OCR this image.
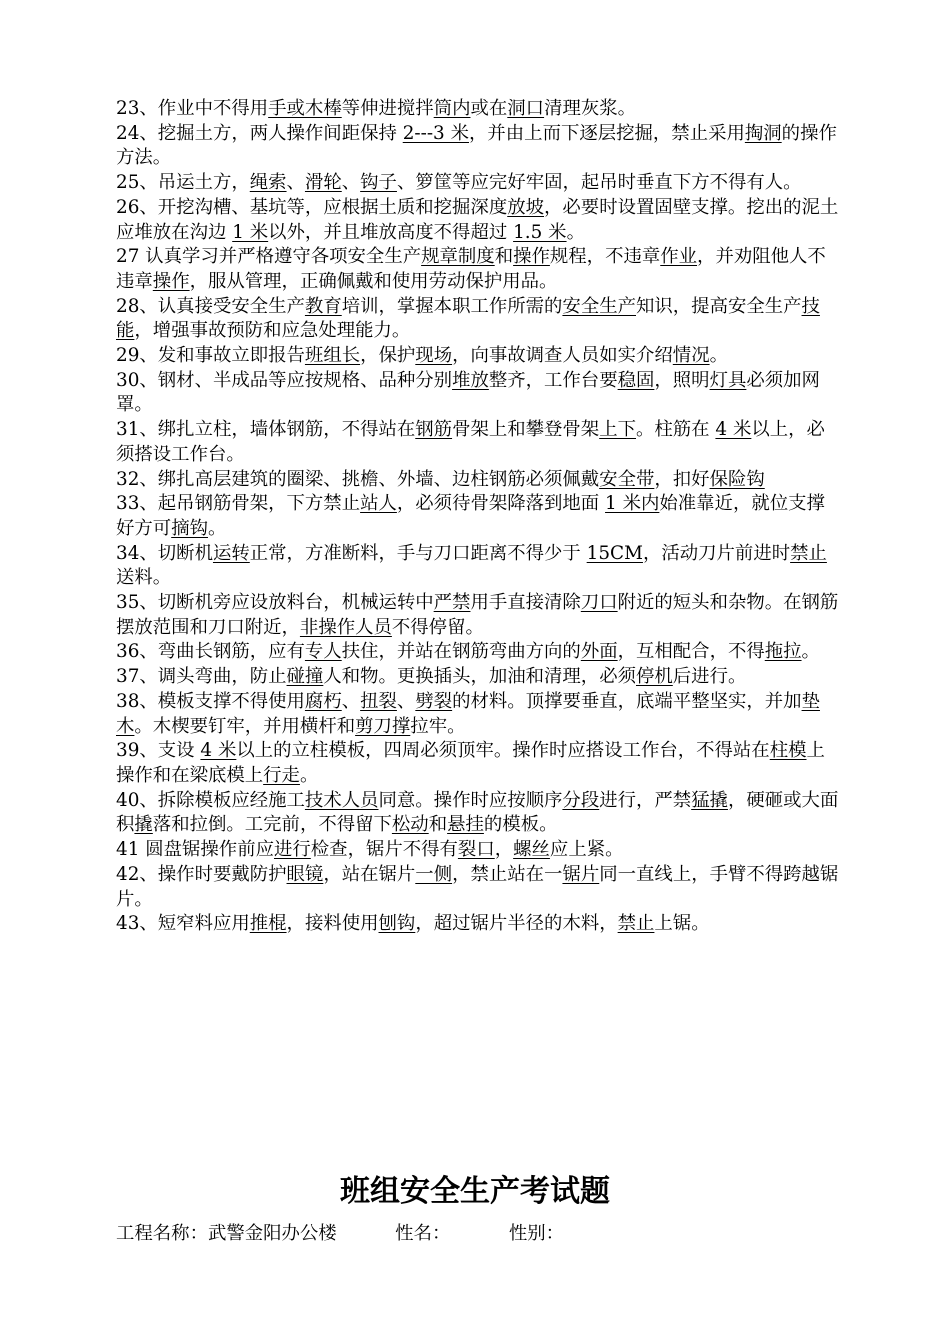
23、作业中不得用手或木棒等伸进搅拌筒内或在洞口清理灰浆。

24、挖掘土方，两人操作间距保持 2---3 米，并由上而下逐层挖掘，禁止采用掏洞的操作方法。

25、吊运土方，绳索、滑轮、钩子、箩筐等应完好牢固，起吊时垂直下方不得有人。

26、开挖沟槽、基坑等，应根据土质和挖掘深度放坡，必要时设置固壁支撑。挖出的泥土应堆放在沟边 1 米以外，并且堆放高度不得超过 1.5 米。

27 认真学习并严格遵守各项安全生产规章制度和操作规程，不违章作业，并劝阻他人不违章操作，服从管理，正确佩戴和使用劳动保护用品。

28、认真接受安全生产教育培训，掌握本职工作所需的安全生产知识，提高安全生产技能，增强事故预防和应急处理能力。

29、发和事故立即报告班组长，保护现场，向事故调查人员如实介绍情况。

30、钢材、半成品等应按规格、品种分别堆放整齐，工作台要稳固，照明灯具必须加网罩。

31、绑扎立柱，墙体钢筋，不得站在钢筋骨架上和攀登骨架上下。柱筋在 4 米以上，必须搭设工作台。

32、绑扎高层建筑的圈梁、挑檐、外墙、边柱钢筋必须佩戴安全带，扣好保险钩

33、起吊钢筋骨架，下方禁止站人，必须待骨架降落到地面 1 米内始准靠近，就位支撑好方可摘钩。

34、切断机运转正常，方准断料，手与刀口距离不得少于 15CM，活动刀片前进时禁止送料。

35、切断机旁应设放料台，机械运转中严禁用手直接清除刀口附近的短头和杂物。在钢筋摆放范围和刀口附近，非操作人员不得停留。

36、弯曲长钢筋，应有专人扶住，并站在钢筋弯曲方向的外面，互相配合，不得拖拉。

37、调头弯曲，防止碰撞人和物。更换插头，加油和清理，必须停机后进行。

38、模板支撑不得使用腐朽、扭裂、劈裂的材料。顶撑要垂直，底端平整坚实，并加垫木。木楔要钉牢，并用横杆和剪刀撑拉牢。

39、支设 4 米以上的立柱模板，四周必须顶牢。操作时应搭设工作台，不得站在柱模上操作和在梁底模上行走。

40、拆除模板应经施工技术人员同意。操作时应按顺序分段进行，严禁猛撬，硬砸或大面积撬落和拉倒。工完前，不得留下松动和悬挂的模板。

41 圆盘锯操作前应进行检查，锯片不得有裂口，螺丝应上紧。

42、操作时要戴防护眼镜，站在锯片一侧，禁止站在一锯片同一直线上，手臂不得跨越锯片。

43、短窄料应用推棍，接料使用刨钩，超过锯片半径的木料，禁止上锯。

班组安全生产考试题
工程名称：武警金阳办公楼	性名：	性别：
